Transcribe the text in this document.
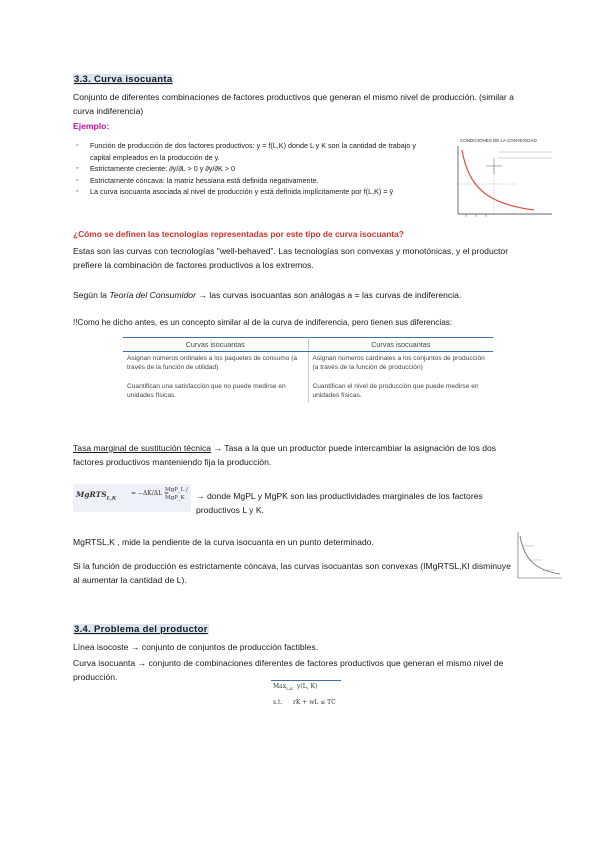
3.3. Curva isocuanta
Conjunto de diferentes combinaciones de factores productivos que generan el mismo nivel de producción. (similar a curva indiferencia)
Ejemplo:
◦ Función de producción de dos factores productivos: y = f(L,K) donde L y K son la cantidad de trabajo y capital empleados en la producción de y.
◦ Estrictamente creciente: ∂y/∂L > 0 y ∂y/∂K > 0
◦ Estrictamente cóncava: la matriz hessiana está definida negativamente.
◦ La curva isocuanta asociada al nivel de producción y está definida implícitamente por f(L,K) = ȳ
CONDICIONES DE LA CONVEXIDAD
¿Cómo se definen las tecnologías representadas por este tipo de curva isocuanta?
Estas son las curvas con tecnologías "well-behaved". Las tecnologías son convexas y monotónicas, y el productor prefiere la combinación de factores productivos a los extremos.
Según la Teoría del Consumidor → las curvas isocuantas son análogas a = las curvas de indiferencia.
!!Como he dicho antes, es un concepto similar al de la curva de indiferencia, pero tienen sus diferencias:
Curvas isocuantas	Curvas isocuantas
Asignan números ordinales a los paquetes de consumo (a través de la función de utilidad)	Asignan números cardinales a los conjuntos de producción (a través de la función de producción)
Cuantifican una satisfacción que no puede medirse en unidades físicas.	Cuantifican el nivel de producción que puede medirse en unidades físicas.
Tasa marginal de sustitución técnica → Tasa a la que un productor puede intercambiar la asignación de los dos factores productivos manteniendo fija la producción.
MgRTS$_{L,K}$
= −ΔK/ΔL =
MgP_L / MgP_K	→ donde MgPL y MgPK son las productividades marginales de los factores productivos L y K.
MgRTSL,K , mide la pendiente de la curva isocuanta en un punto determinado.
Si la función de producción es estrictamente cóncava, las curvas isocuantas son convexas (IMgRTSL,KI disminuye al aumentar la cantidad de L).
3.4. Problema del productor
Línea isocoste → conjunto de conjuntos de producción factibles.
Curva isocuanta → conjunto de combinaciones diferentes de factores productivos que generan el mismo nivel de producción.
Max$_{L,K}$ y(L, K)
s.t. rK + wL ≤ TC
